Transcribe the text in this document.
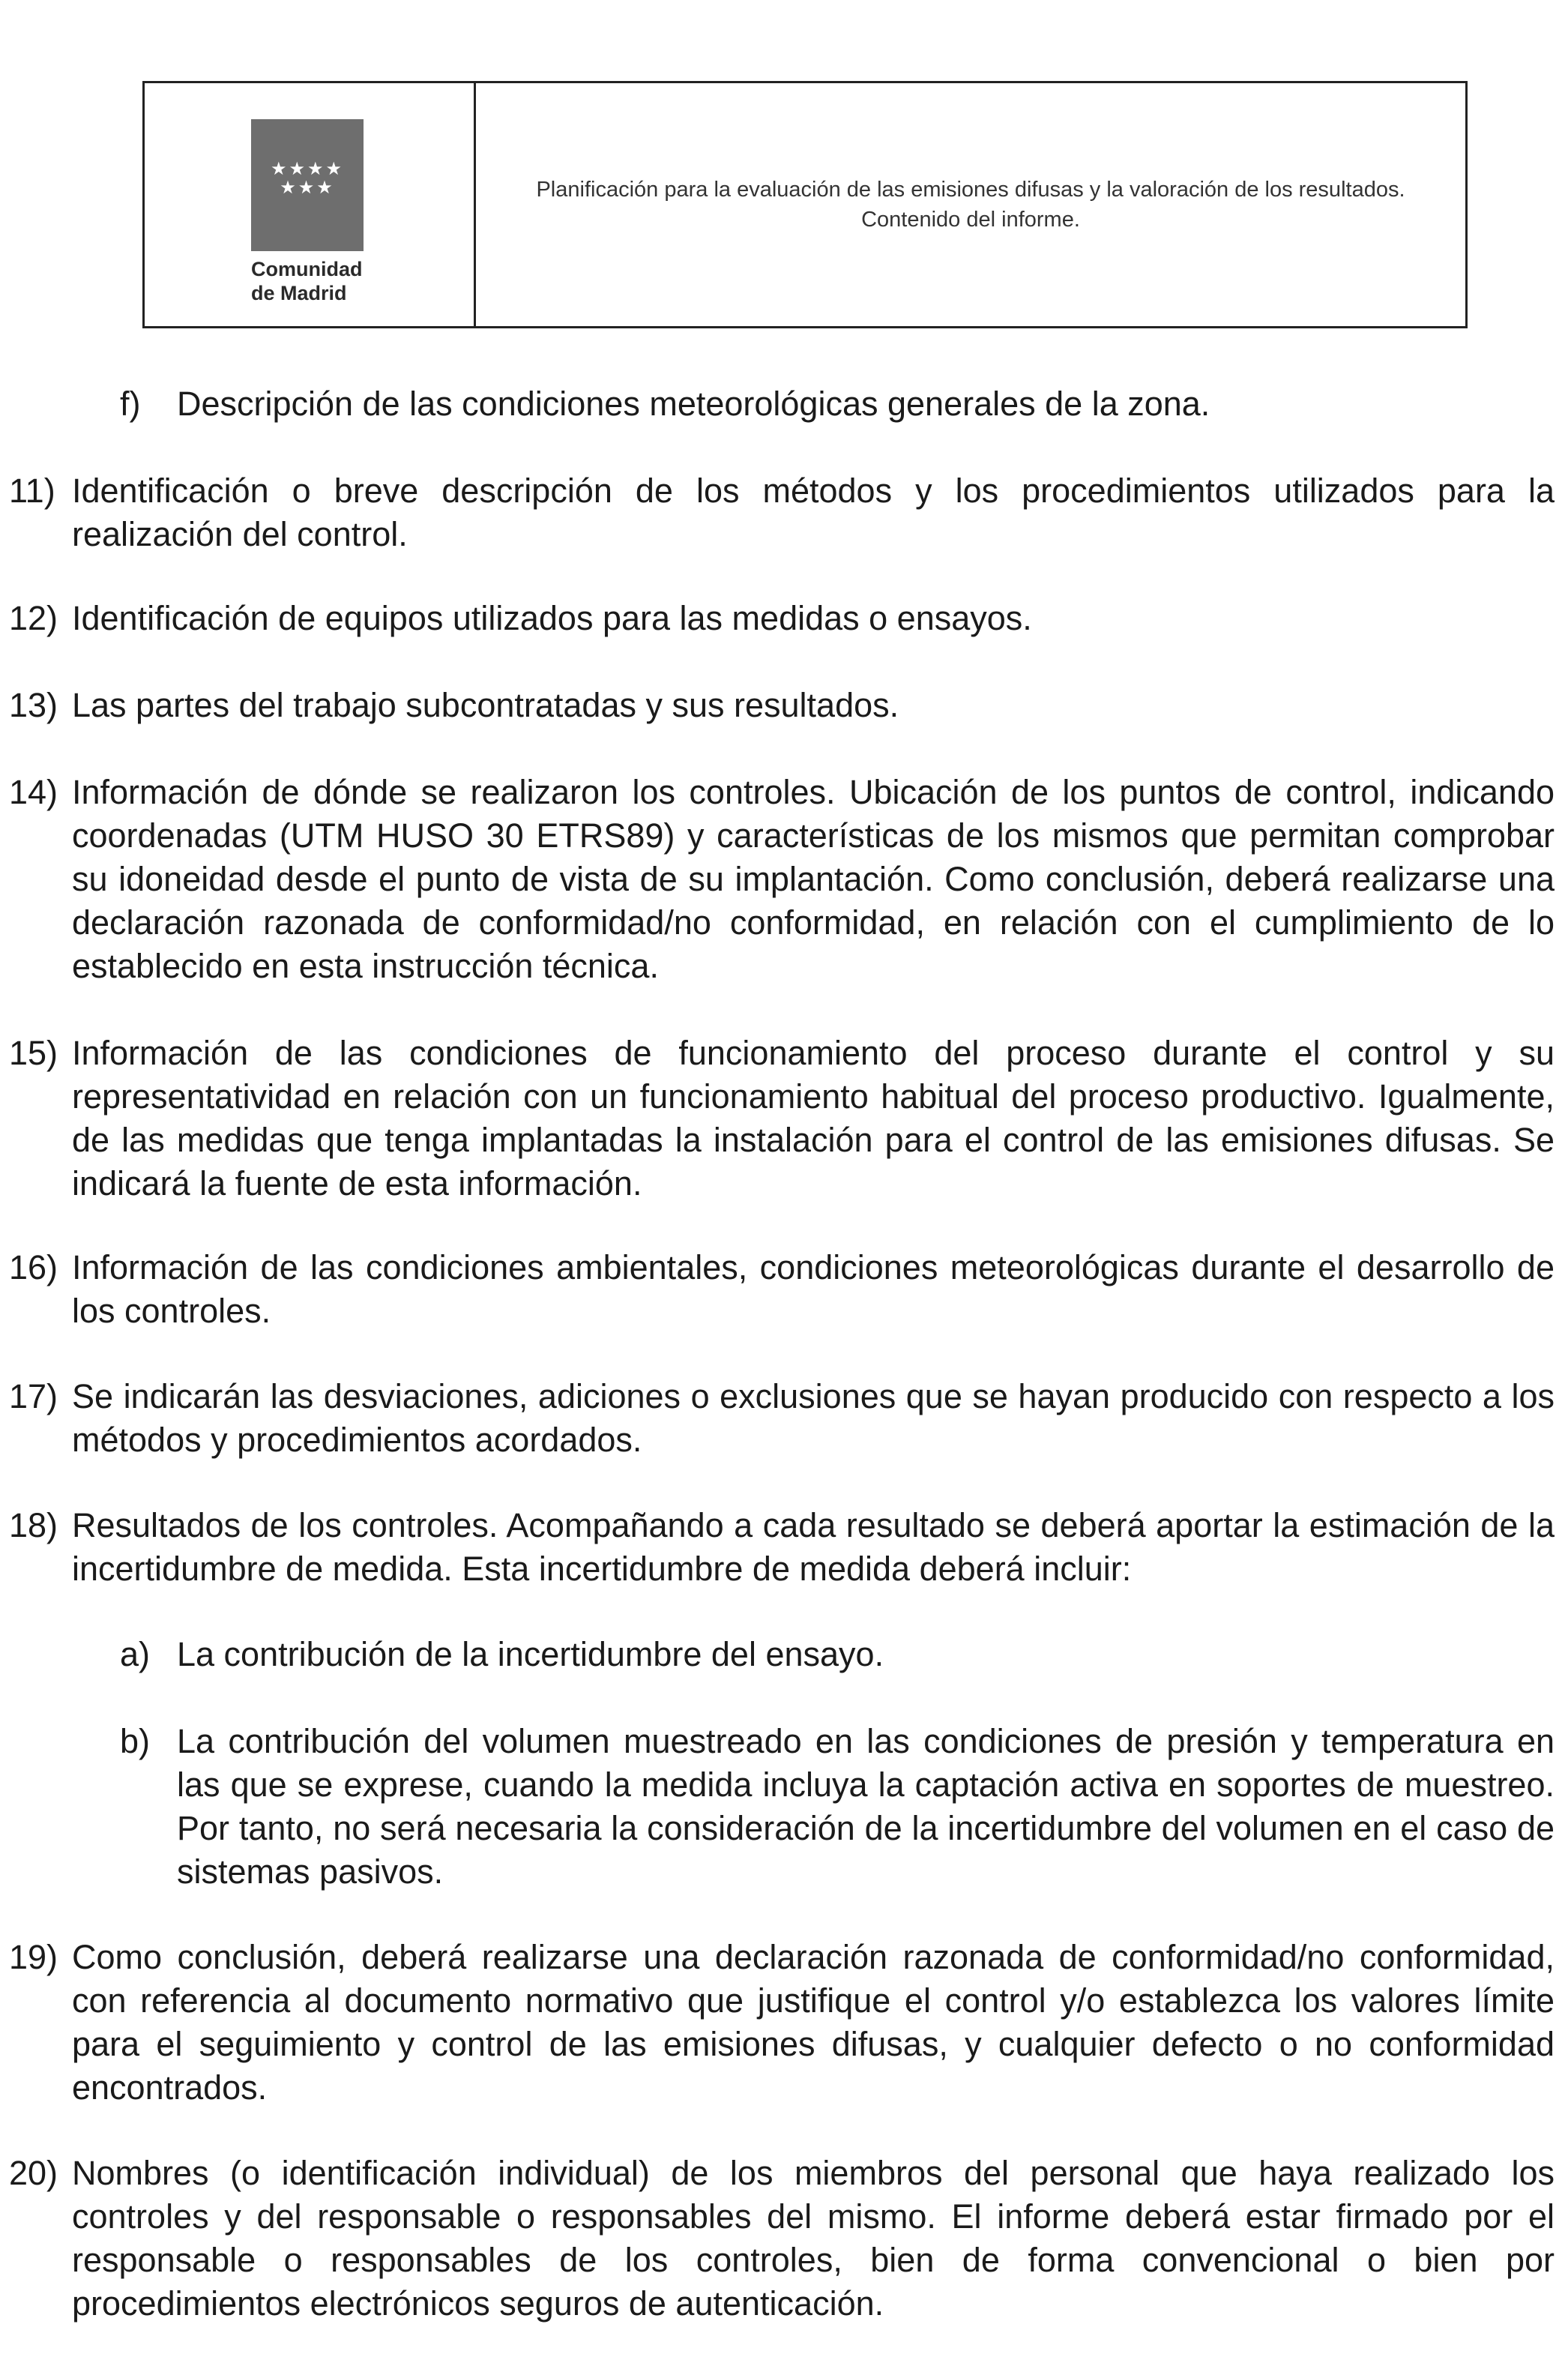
★★★★
★★★
Comunidad
de Madrid
Planificación para la evaluación de las emisiones difusas y la valoración de los resultados. Contenido del informe.
f)	Descripción de las condiciones meteorológicas generales de la zona.
11) Identificación o breve descripción de los métodos y los procedimientos utilizados para la realización del control.
12) Identificación de equipos utilizados para las medidas o ensayos.
13) Las partes del trabajo subcontratadas y sus resultados.
14) Información de dónde se realizaron los controles. Ubicación de los puntos de control, indicando coordenadas (UTM HUSO 30 ETRS89) y características de los mismos que permitan comprobar su idoneidad desde el punto de vista de su implantación. Como conclusión, deberá realizarse una declaración razonada de conformidad/no conformidad, en relación con el cumplimiento de lo establecido en esta instrucción técnica.
15) Información de las condiciones de funcionamiento del proceso durante el control y su representatividad en relación con un funcionamiento habitual del proceso productivo. Igualmente, de las medidas que tenga implantadas la instalación para el control de las emisiones difusas. Se indicará la fuente de esta información.
16) Información de las condiciones ambientales, condiciones meteorológicas durante el desarrollo de los controles.
17) Se indicarán las desviaciones, adiciones o exclusiones que se hayan producido con respecto a los métodos y procedimientos acordados.
18) Resultados de los controles. Acompañando a cada resultado se deberá aportar la estimación de la incertidumbre de medida. Esta incertidumbre de medida deberá incluir:
a) La contribución de la incertidumbre del ensayo.
b) La contribución del volumen muestreado en las condiciones de presión y temperatura en las que se exprese, cuando la medida incluya la captación activa en soportes de muestreo. Por tanto, no será necesaria la consideración de la incertidumbre del volumen en el caso de sistemas pasivos.
19) Como conclusión, deberá realizarse una declaración razonada de conformidad/no conformidad, con referencia al documento normativo que justifique el control y/o establezca los valores límite para el seguimiento y control de las emisiones difusas, y cualquier defecto o no conformidad encontrados.
20) Nombres (o identificación individual) de los miembros del personal que haya realizado los controles y del responsable o responsables del mismo. El informe deberá estar firmado por el responsable o responsables de los controles, bien de forma convencional o bien por procedimientos electrónicos seguros de autenticación.
